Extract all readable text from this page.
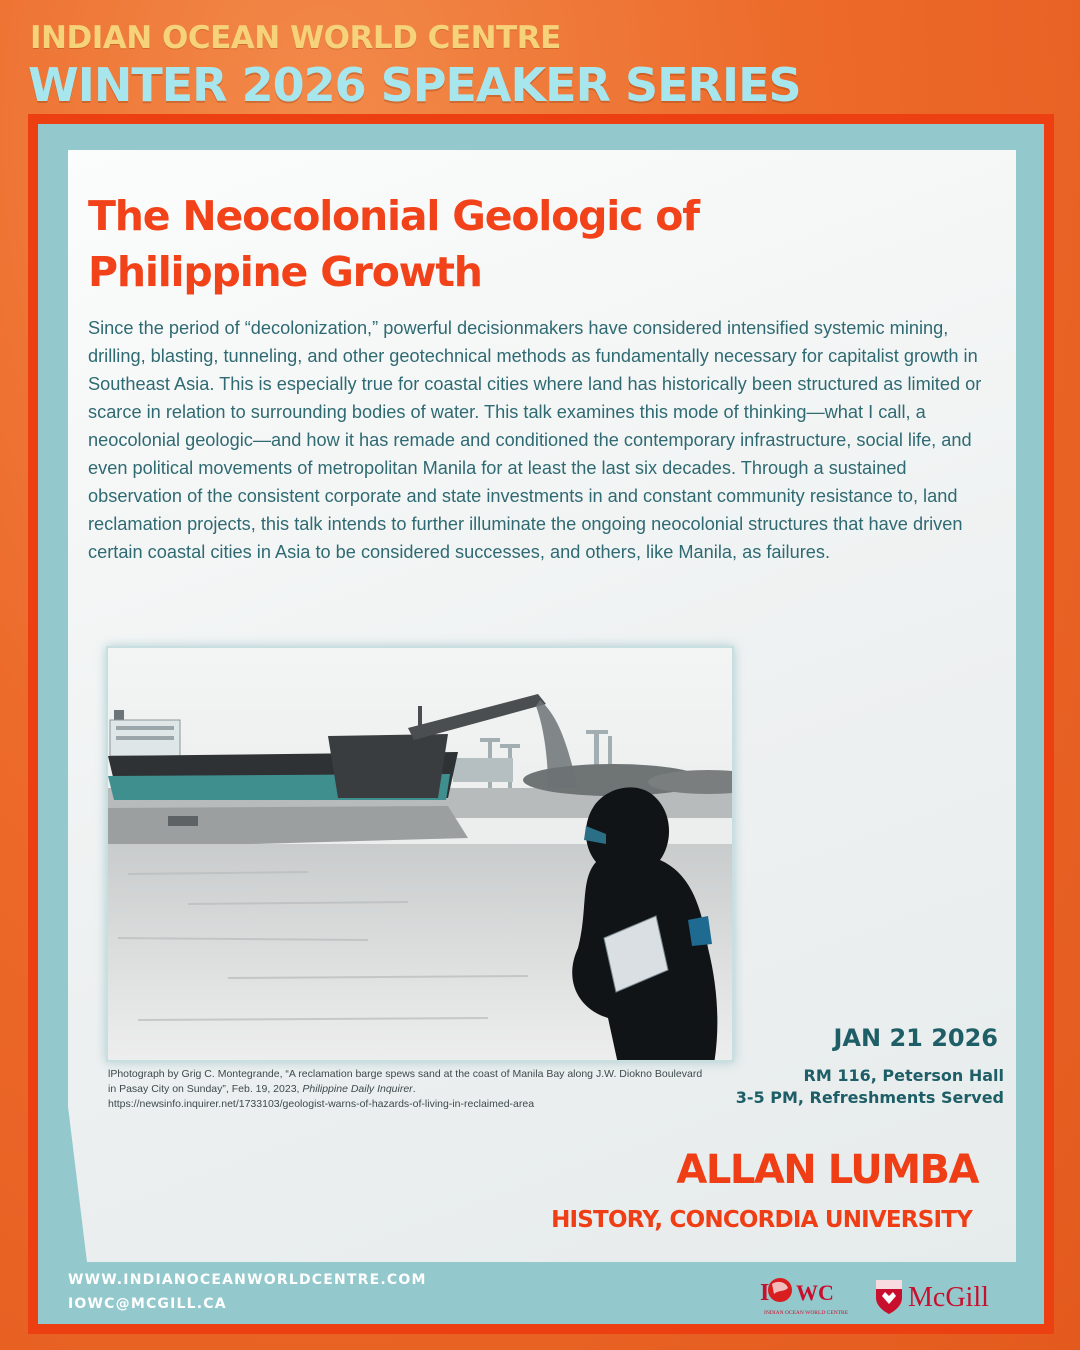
INDIAN OCEAN WORLD CENTRE
WINTER 2026 SPEAKER SERIES
The Neocolonial Geologic of Philippine Growth

Since the period of “decolonization,” powerful decisionmakers have considered intensified systemic mining, drilling, blasting, tunneling, and other geotechnical methods as fundamentally necessary for capitalist growth in Southeast Asia. This is especially true for coastal cities where land has historically been structured as limited or scarce in relation to surrounding bodies of water. This talk examines this mode of thinking—what I call, a neocolonial geologic—and how it has remade and conditioned the contemporary infrastructure, social life, and even political movements of metropolitan Manila for at least the last six decades. Through a sustained observation of the consistent corporate and state investments in and constant community resistance to, land reclamation projects, this talk intends to further illuminate the ongoing neocolonial structures that have driven certain coastal cities in Asia to be considered successes, and others, like Manila, as failures.

lPhotograph by Grig C. Montegrande, “A reclamation barge spews sand at the coast of Manila Bay along J.W. Diokno Boulevard in Pasay City on Sunday”, Feb. 19, 2023, Philippine Daily Inquirer.
https://newsinfo.inquirer.net/1733103/geologist-warns-of-hazards-of-living-in-reclaimed-area
JAN 21 2026
RM 116, Peterson Hall
3-5 PM, Refreshments Served
ALLAN LUMBA
HISTORY, CONCORDIA UNIVERSITY
WWW.INDIANOCEANWORLDCENTRE.COM
IOWC@MCGILL.CA	I WC
INDIAN OCEAN WORLD CENTRE McGill
